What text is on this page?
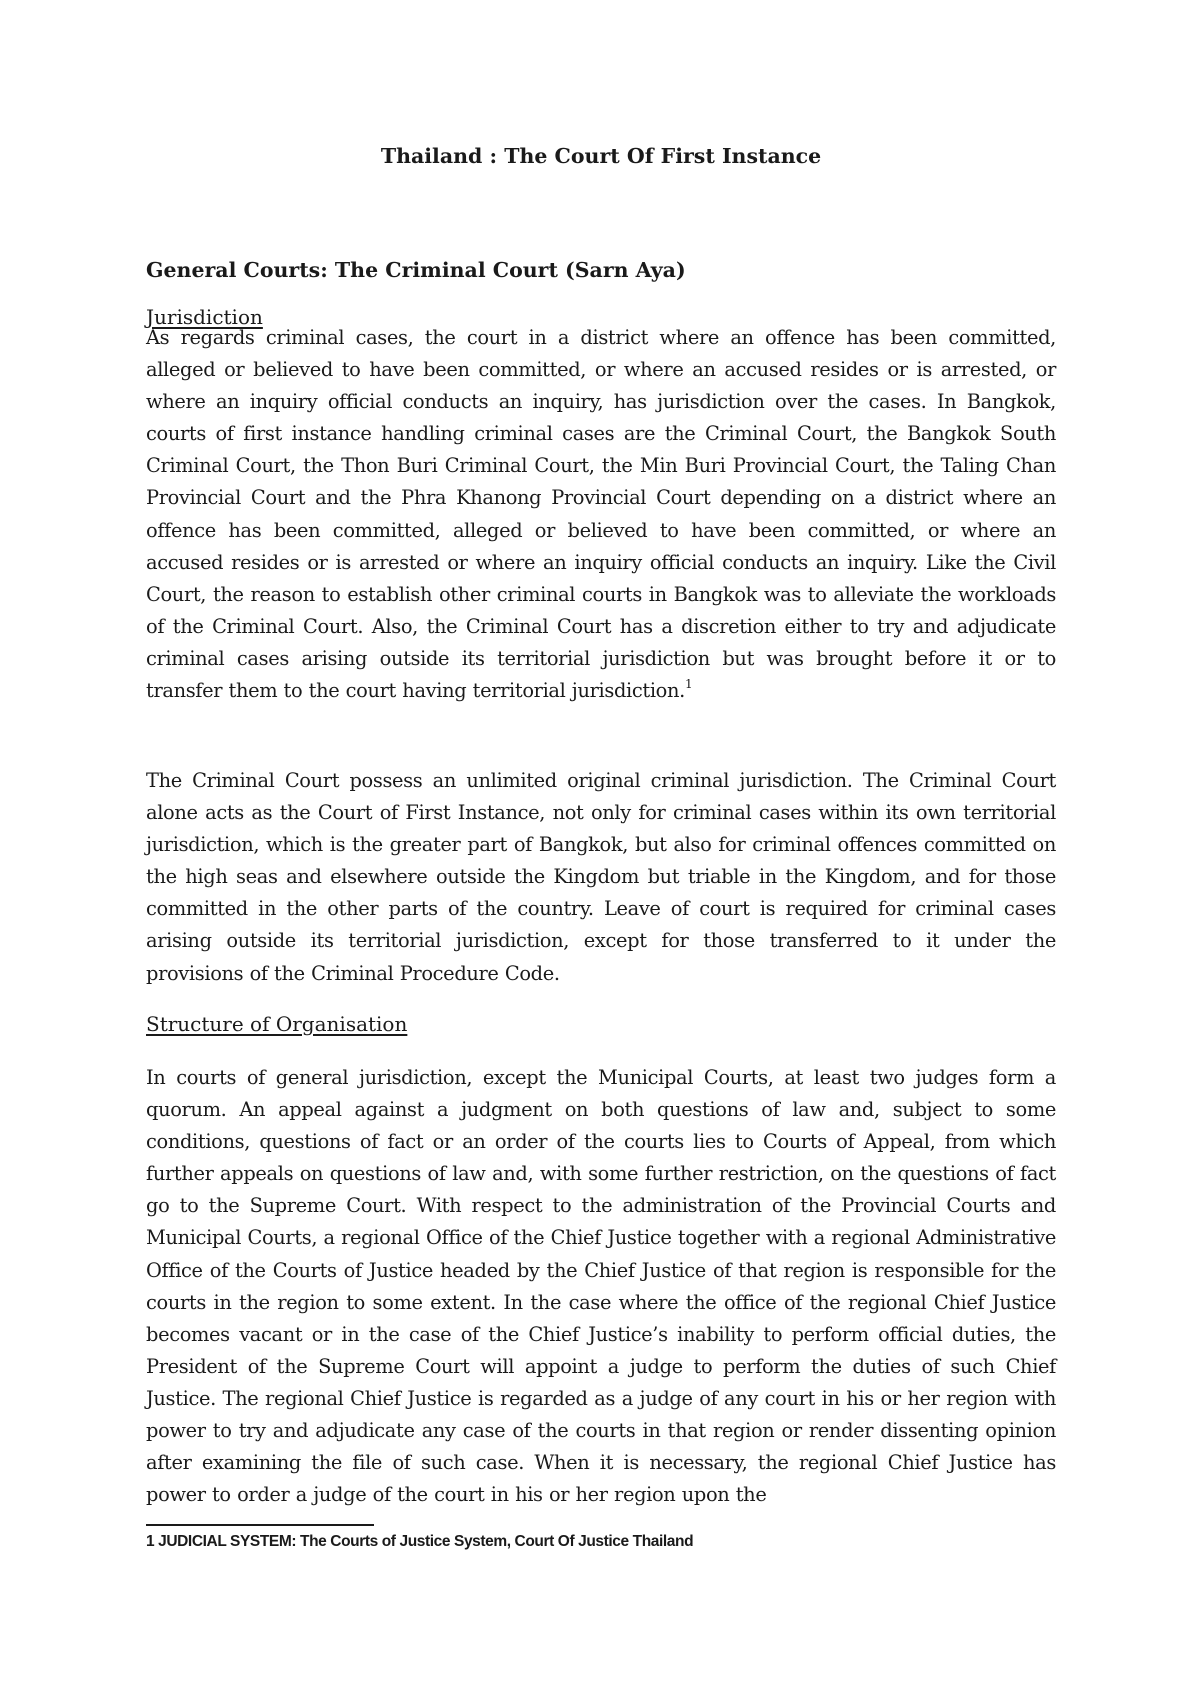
Thailand : The Court Of First Instance
General Courts: The Criminal Court (Sarn Aya)
Jurisdiction

As regards criminal cases, the court in a district where an offence has been committed, alleged or believed to have been committed, or where an accused resides or is arrested, or where an inquiry official conducts an inquiry, has jurisdiction over the cases. In Bangkok, courts of first instance handling criminal cases are the Criminal Court, the Bangkok South Criminal Court, the Thon Buri Criminal Court, the Min Buri Provincial Court, the Taling Chan Provincial Court and the Phra Khanong Provincial Court depending on a district where an offence has been committed, alleged or believed to have been committed, or where an accused resides or is arrested or where an inquiry official conducts an inquiry. Like the Civil Court, the reason to establish other criminal courts in Bangkok was to alleviate the workloads of the Criminal Court. Also, the Criminal Court has a discretion either to try and adjudicate criminal cases arising outside its territorial jurisdiction but was brought before it or to transfer them to the court having territorial jurisdiction.$^1$

The Criminal Court possess an unlimited original criminal jurisdiction. The Criminal Court alone acts as the Court of First Instance, not only for criminal cases within its own territorial jurisdiction, which is the greater part of Bangkok, but also for criminal offences committed on the high seas and elsewhere outside the Kingdom but triable in the Kingdom, and for those committed in the other parts of the country. Leave of court is required for criminal cases arising outside its territorial jurisdiction, except for those transferred to it under the provisions of the Criminal Procedure Code.

Structure of Organisation

In courts of general jurisdiction, except the Municipal Courts, at least two judges form a quorum. An appeal against a judgment on both questions of law and, subject to some conditions, questions of fact or an order of the courts lies to Courts of Appeal, from which further appeals on questions of law and, with some further restriction, on the questions of fact go to the Supreme Court. With respect to the administration of the Provincial Courts and Municipal Courts, a regional Office of the Chief Justice together with a regional Administrative Office of the Courts of Justice headed by the Chief Justice of that region is responsible for the courts in the region to some extent. In the case where the office of the regional Chief Justice becomes vacant or in the case of the Chief Justice’s inability to perform official duties, the President of the Supreme Court will appoint a judge to perform the duties of such Chief Justice. The regional Chief Justice is regarded as a judge of any court in his or her region with power to try and adjudicate any case of the courts in that region or render dissenting opinion after examining the file of such case. When it is necessary, the regional Chief Justice has power to order a judge of the court in his or her region upon the

1 JUDICIAL SYSTEM: The Courts of Justice System, Court Of Justice Thailand
